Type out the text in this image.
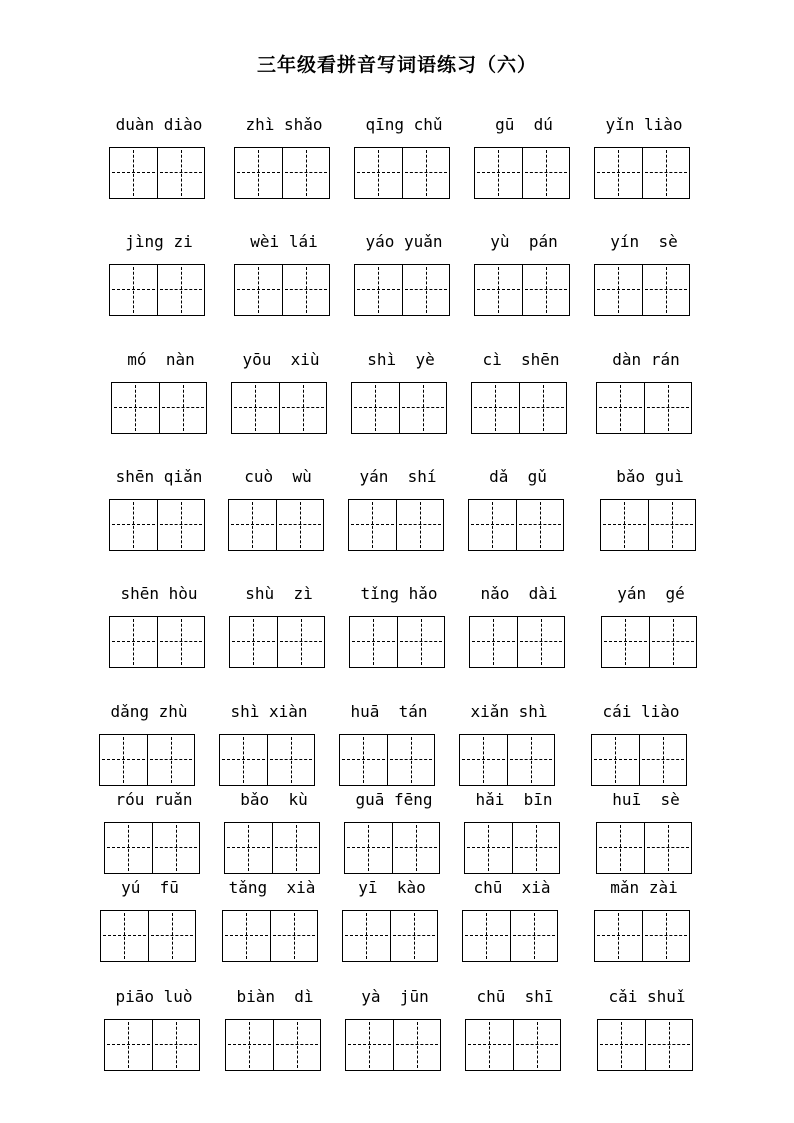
三年级看拼音写词语练习（六）
duàn diào	zhì shǎo	qīng chǔ	gū  dú	yǐn liào
jìng zi	wèi lái	yáo yuǎn	yù  pán	yín  sè
mó  nàn	yōu  xiù	shì  yè	cì  shēn	dàn rán
shēn qiǎn	cuò  wù	yán  shí	dǎ  gǔ	bǎo guì
shēn hòu	shù  zì	tǐng hǎo	nǎo  dài	yán  gé
dǎng zhù	shì xiàn	huā  tán	xiǎn shì	cái liào
róu ruǎn	bǎo  kù	guā fēng	hǎi  bīn	huī  sè
yú  fū	tǎng  xià	yī  kào	chū  xià	mǎn zài
piāo luò	biàn  dì	yà  jūn	chū  shī	cǎi shuǐ
